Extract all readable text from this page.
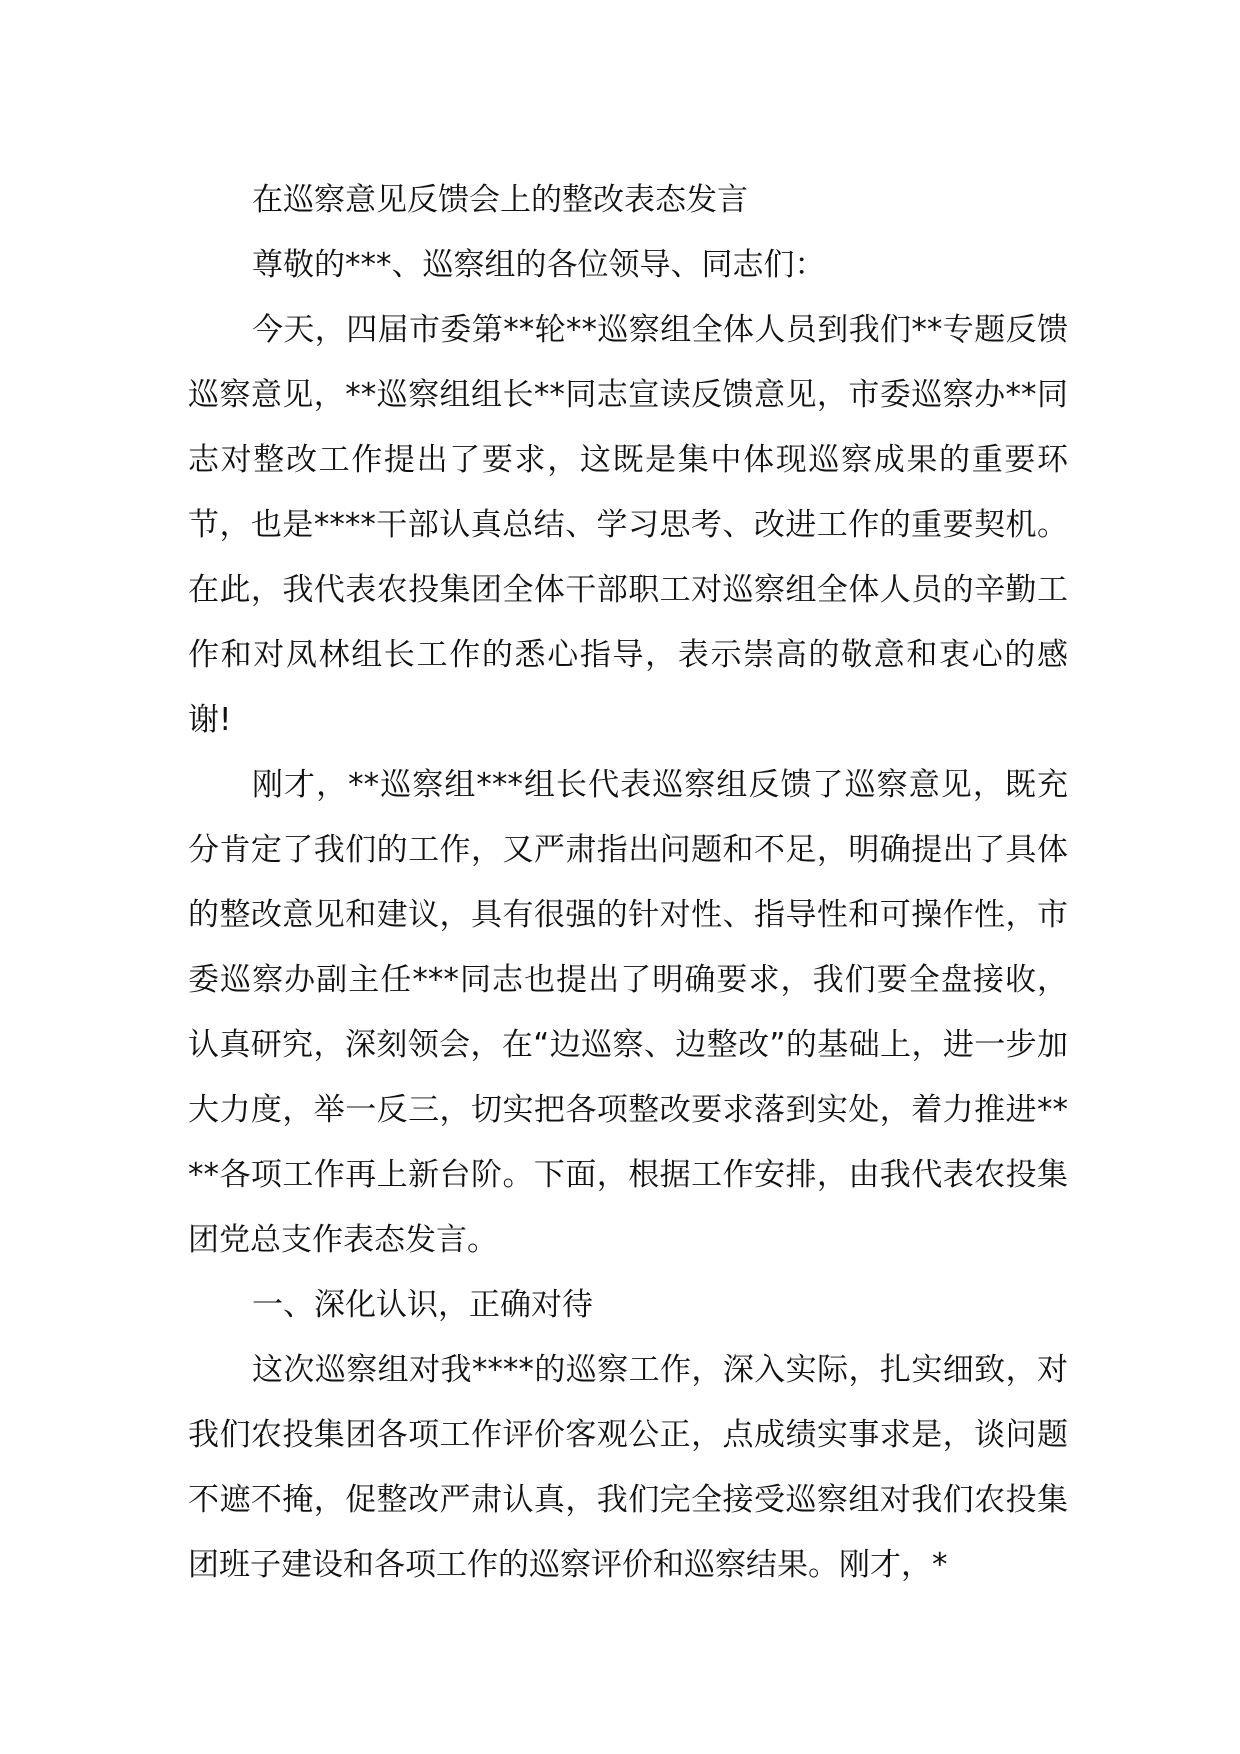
在巡察意见反馈会上的整改表态发言

尊敬的***、巡察组的各位领导、同志们：

今天，四届市委第**轮**巡察组全体人员到我们**专题反馈巡察意见，**巡察组组长**同志宣读反馈意见，市委巡察办**同志对整改工作提出了要求，这既是集中体现巡察成果的重要环节，也是****干部认真总结、学习思考、改进工作的重要契机。在此，我代表农投集团全体干部职工对巡察组全体人员的辛勤工作和对凤林组长工作的悉心指导，表示崇高的敬意和衷心的感谢!

刚才，**巡察组***组长代表巡察组反馈了巡察意见，既充分肯定了我们的工作，又严肃指出问题和不足，明确提出了具体的整改意见和建议，具有很强的针对性、指导性和可操作性，市委巡察办副主任***同志也提出了明确要求，我们要全盘接收，认真研究，深刻领会，在“边巡察、边整改”的基础上，进一步加大力度，举一反三，切实把各项整改要求落到实处，着力推进****各项工作再上新台阶。下面，根据工作安排，由我代表农投集团党总支作表态发言。

一、深化认识，正确对待

这次巡察组对我****的巡察工作，深入实际，扎实细致，对我们农投集团各项工作评价客观公正，点成绩实事求是，谈问题不遮不掩，促整改严肃认真，我们完全接受巡察组对我们农投集团班子建设和各项工作的巡察评价和巡察结果。刚才，*
